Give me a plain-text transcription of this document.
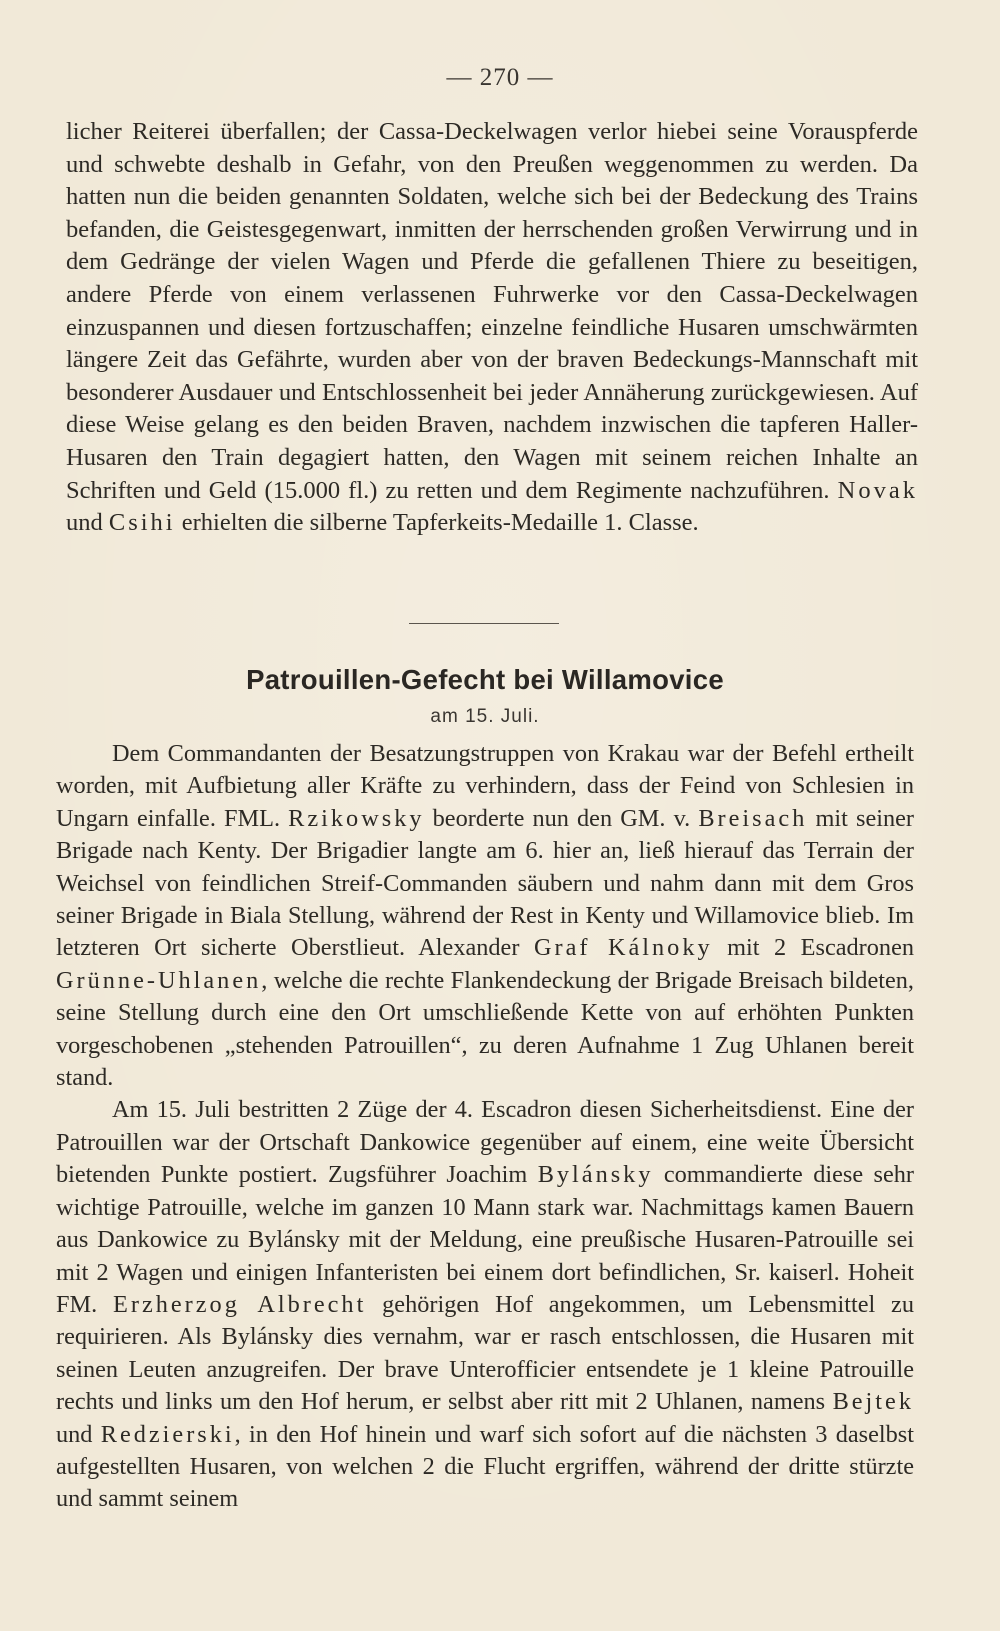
— 270 —

licher Reiterei überfallen; der Cassa-Deckelwagen verlor hiebei seine Vorauspferde und schwebte deshalb in Gefahr, von den Preußen weggenommen zu werden. Da hatten nun die beiden genannten Soldaten, welche sich bei der Bedeckung des Trains befanden, die Geistesgegenwart, inmitten der herrschenden großen Verwirrung und in dem Gedränge der vielen Wagen und Pferde die gefallenen Thiere zu beseitigen, andere Pferde von einem verlassenen Fuhrwerke vor den Cassa-Deckelwagen einzuspannen und diesen fortzuschaffen; einzelne feindliche Husaren umschwärmten längere Zeit das Gefährte, wurden aber von der braven Bedeckungs-Mannschaft mit besonderer Ausdauer und Entschlossenheit bei jeder Annäherung zurückgewiesen. Auf diese Weise gelang es den beiden Braven, nachdem inzwischen die tapferen Haller-Husaren den Train degagiert hatten, den Wagen mit seinem reichen Inhalte an Schriften und Geld (15.000 fl.) zu retten und dem Regimente nachzuführen. Novak und Csihi erhielten die silberne Tapferkeits-Medaille 1. Classe.

Patrouillen-Gefecht bei Willamovice
am 15. Juli.

Dem Commandanten der Besatzungstruppen von Krakau war der Befehl ertheilt worden, mit Aufbietung aller Kräfte zu verhindern, dass der Feind von Schlesien in Ungarn einfalle. FML. Rzikowsky beorderte nun den GM. v. Breisach mit seiner Brigade nach Kenty. Der Brigadier langte am 6. hier an, ließ hierauf das Terrain der Weichsel von feindlichen Streif-Commanden säubern und nahm dann mit dem Gros seiner Brigade in Biala Stellung, während der Rest in Kenty und Willamovice blieb. Im letzteren Ort sicherte Oberstlieut. Alexander Graf Kálnoky mit 2 Escadronen Grünne-Uhlanen, welche die rechte Flankendeckung der Brigade Breisach bildeten, seine Stellung durch eine den Ort umschließende Kette von auf erhöhten Punkten vorgeschobenen „stehenden Patrouillen“, zu deren Aufnahme 1 Zug Uhlanen bereit stand.

Am 15. Juli bestritten 2 Züge der 4. Escadron diesen Sicherheitsdienst. Eine der Patrouillen war der Ortschaft Dankowice gegenüber auf einem, eine weite Übersicht bietenden Punkte postiert. Zugsführer Joachim Bylánsky commandierte diese sehr wichtige Patrouille, welche im ganzen 10 Mann stark war. Nachmittags kamen Bauern aus Dankowice zu Bylánsky mit der Meldung, eine preußische Husaren-Patrouille sei mit 2 Wagen und einigen Infanteristen bei einem dort befindlichen, Sr. kaiserl. Hoheit FM. Erzherzog Albrecht gehörigen Hof angekommen, um Lebensmittel zu requirieren. Als Bylánsky dies vernahm, war er rasch entschlossen, die Husaren mit seinen Leuten anzugreifen. Der brave Unterofficier entsendete je 1 kleine Patrouille rechts und links um den Hof herum, er selbst aber ritt mit 2 Uhlanen, namens Bejtek und Redzierski, in den Hof hinein und warf sich sofort auf die nächsten 3 daselbst aufgestellten Husaren, von welchen 2 die Flucht ergriffen, während der dritte stürzte und sammt seinem
